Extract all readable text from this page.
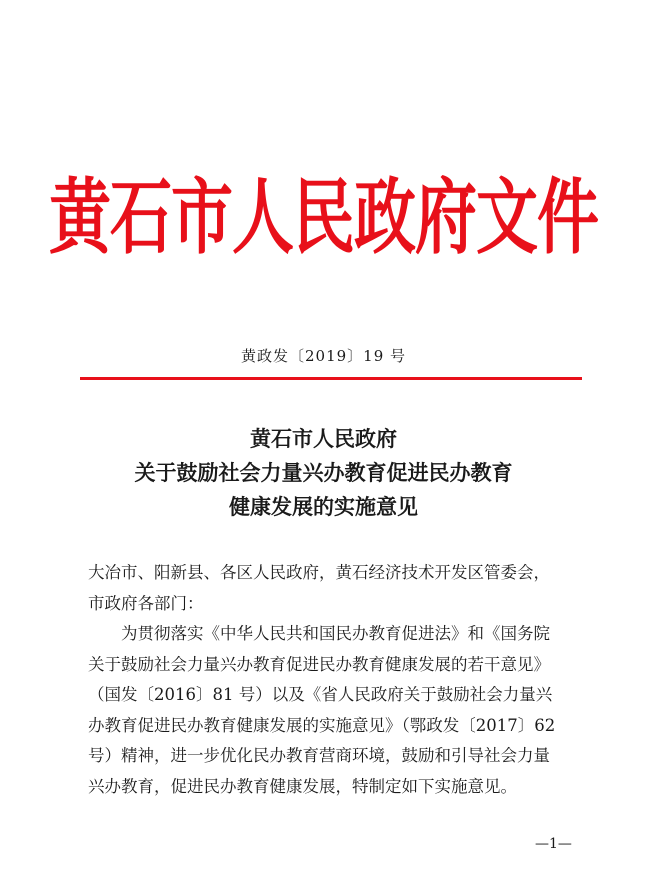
黄石市人民政府文件
黄政发〔2019〕19 号
黄石市人民政府
关于鼓励社会力量兴办教育促进民办教育
健康发展的实施意见
大冶市、阳新县、各区人民政府，黄石经济技术开发区管委会，
市政府各部门：
为贯彻落实《中华人民共和国民办教育促进法》和《国务院
关于鼓励社会力量兴办教育促进民办教育健康发展的若干意见》
（国发〔2016〕81 号）以及《省人民政府关于鼓励社会力量兴
办教育促进民办教育健康发展的实施意见》（鄂政发〔2017〕62
号）精神，进一步优化民办教育营商环境，鼓励和引导社会力量
兴办教育，促进民办教育健康发展，特制定如下实施意见。
—1—
